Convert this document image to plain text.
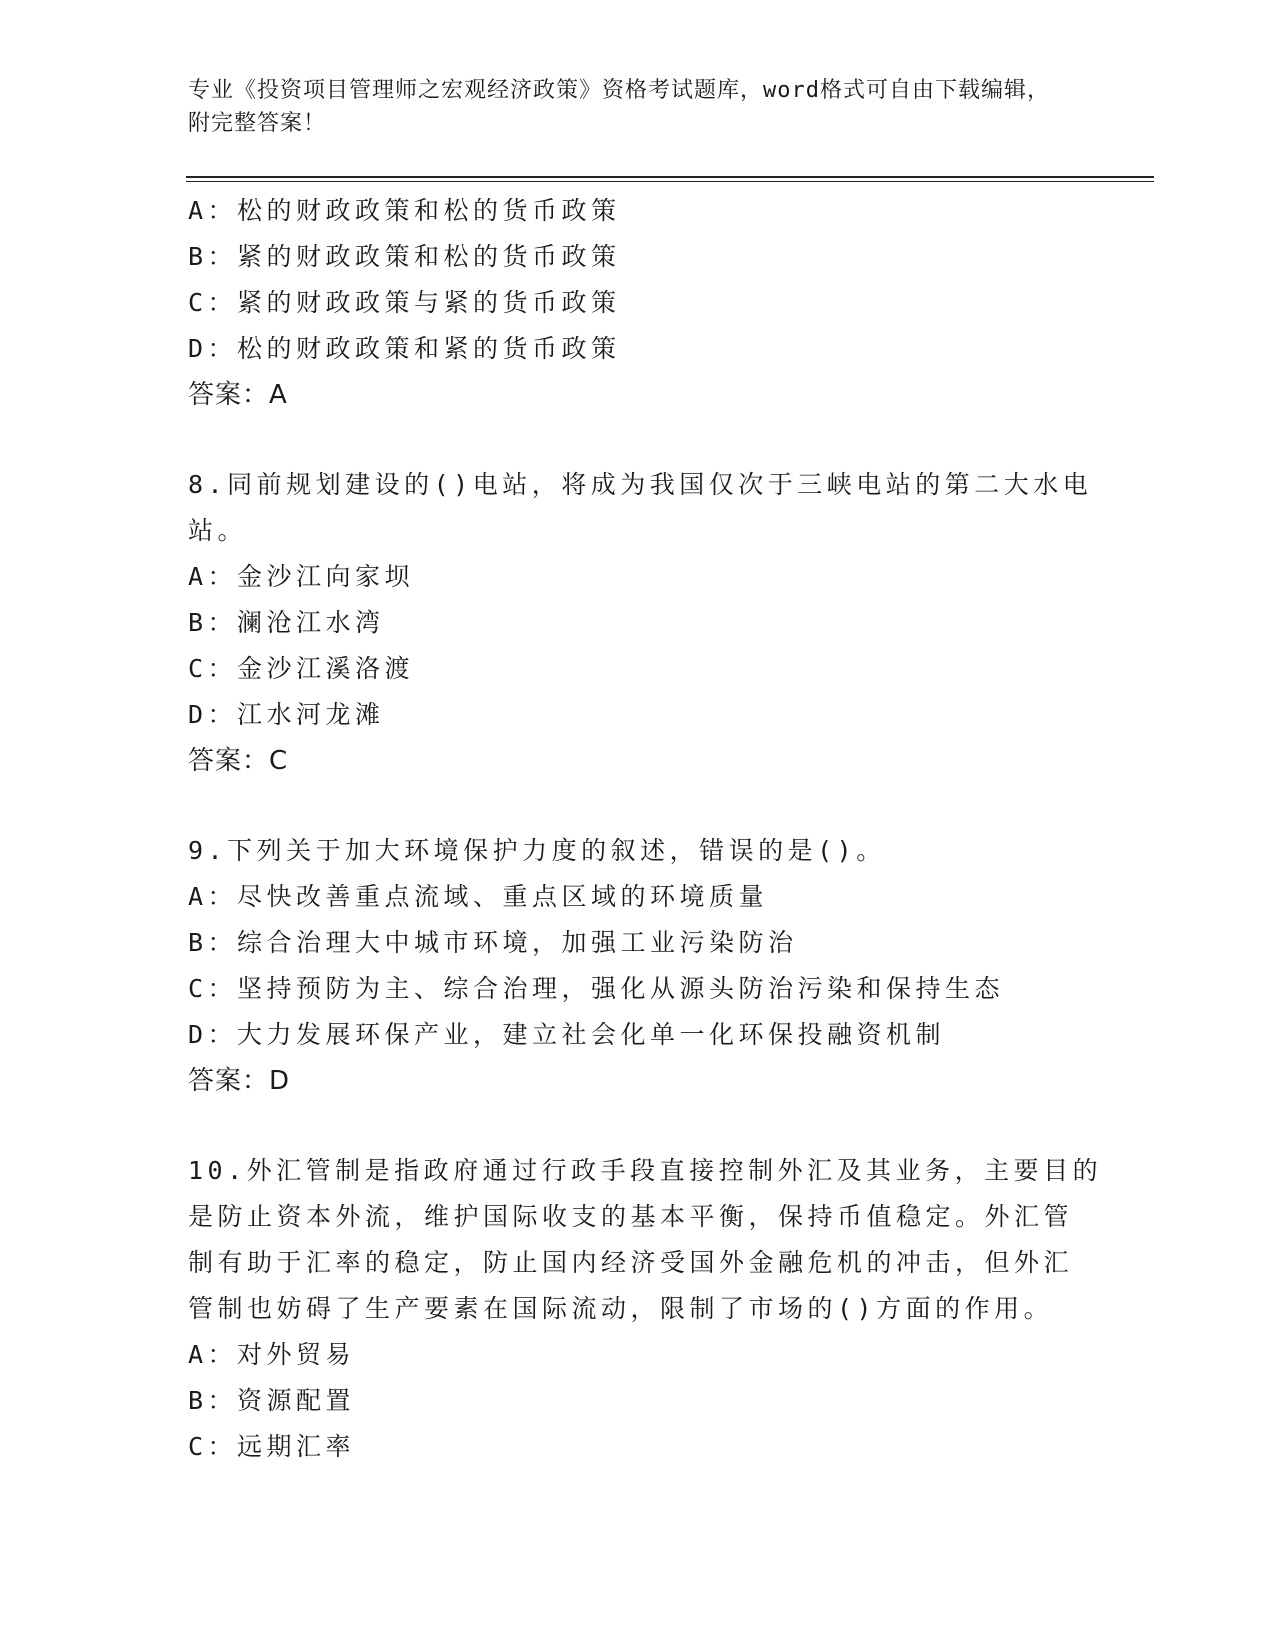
专业《投资项目管理师之宏观经济政策》资格考试题库，word格式可自由下载编辑，附完整答案！

A：松的财政政策和松的货币政策

B：紧的财政政策和松的货币政策

C：紧的财政政策与紧的货币政策

D：松的财政政策和紧的货币政策

答案：A

8.同前规划建设的()电站，将成为我国仅次于三峡电站的第二大水电

站。

A：金沙江向家坝

B：澜沧江水湾

C：金沙江溪洛渡

D：江水河龙滩

答案：C

9.下列关于加大环境保护力度的叙述，错误的是()。

A：尽快改善重点流域、重点区域的环境质量

B：综合治理大中城市环境，加强工业污染防治

C：坚持预防为主、综合治理，强化从源头防治污染和保持生态

D：大力发展环保产业，建立社会化单一化环保投融资机制

答案：D

10.外汇管制是指政府通过行政手段直接控制外汇及其业务，主要目的

是防止资本外流，维护国际收支的基本平衡，保持币值稳定。外汇管

制有助于汇率的稳定，防止国内经济受国外金融危机的冲击，但外汇

管制也妨碍了生产要素在国际流动，限制了市场的()方面的作用。

A：对外贸易

B：资源配置

C：远期汇率
